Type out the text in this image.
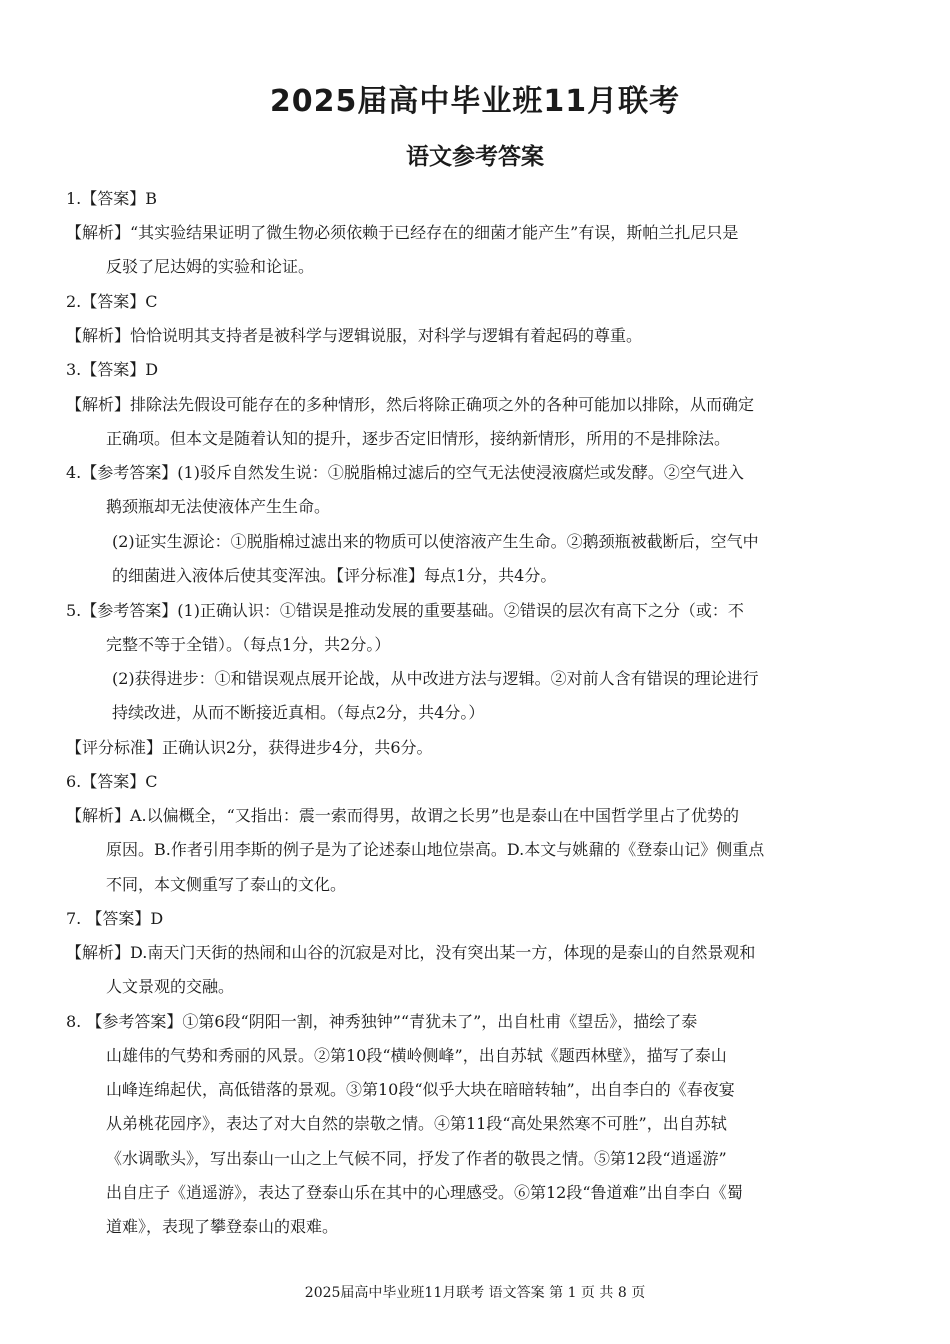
2025届高中毕业班11月联考
语文参考答案
1.【答案】B
【解析】“其实验结果证明了微生物必须依赖于已经存在的细菌才能产生”有误，斯帕兰扎尼只是
反驳了尼达姆的实验和论证。
2.【答案】C
【解析】恰恰说明其支持者是被科学与逻辑说服，对科学与逻辑有着起码的尊重。
3.【答案】D
【解析】排除法先假设可能存在的多种情形，然后将除正确项之外的各种可能加以排除，从而确定
正确项。但本文是随着认知的提升，逐步否定旧情形，接纳新情形，所用的不是排除法。
4.【参考答案】(1)驳斥自然发生说：①脱脂棉过滤后的空气无法使浸液腐烂或发酵。②空气进入
鹅颈瓶却无法使液体产生生命。
(2)证实生源论：①脱脂棉过滤出来的物质可以使溶液产生生命。②鹅颈瓶被截断后，空气中
的细菌进入液体后使其变浑浊。【评分标准】每点1分，共4分。
5.【参考答案】(1)正确认识：①错误是推动发展的重要基础。②错误的层次有高下之分（或：不
完整不等于全错）。（每点1分，共2分。）
(2)获得进步：①和错误观点展开论战，从中改进方法与逻辑。②对前人含有错误的理论进行
持续改进，从而不断接近真相。（每点2分，共4分。）
【评分标准】正确认识2分，获得进步4分，共6分。
6.【答案】C
【解析】A.以偏概全，“又指出：震一索而得男，故谓之长男”也是泰山在中国哲学里占了优势的
原因。B.作者引用李斯的例子是为了论述泰山地位崇高。D.本文与姚鼐的《登泰山记》侧重点
不同，本文侧重写了泰山的文化。
7. 【答案】D
【解析】D.南天门天街的热闹和山谷的沉寂是对比，没有突出某一方，体现的是泰山的自然景观和
人文景观的交融。
8. 【参考答案】①第6段“阴阳一割，神秀独钟”“青犹未了”，出自杜甫《望岳》，描绘了泰
山雄伟的气势和秀丽的风景。②第10段“横岭侧峰”，出自苏轼《题西林壁》，描写了泰山
山峰连绵起伏，高低错落的景观。③第10段“似乎大块在暗暗转轴”，出自李白的《春夜宴
从弟桃花园序》，表达了对大自然的崇敬之情。④第11段“高处果然寒不可胜”，出自苏轼
《水调歌头》，写出泰山一山之上气候不同，抒发了作者的敬畏之情。⑤第12段“逍遥游”
出自庄子《逍遥游》，表达了登泰山乐在其中的心理感受。⑥第12段“鲁道难”出自李白《蜀
道难》，表现了攀登泰山的艰难。
2025届高中毕业班11月联考 语文答案 第 1 页 共 8 页
